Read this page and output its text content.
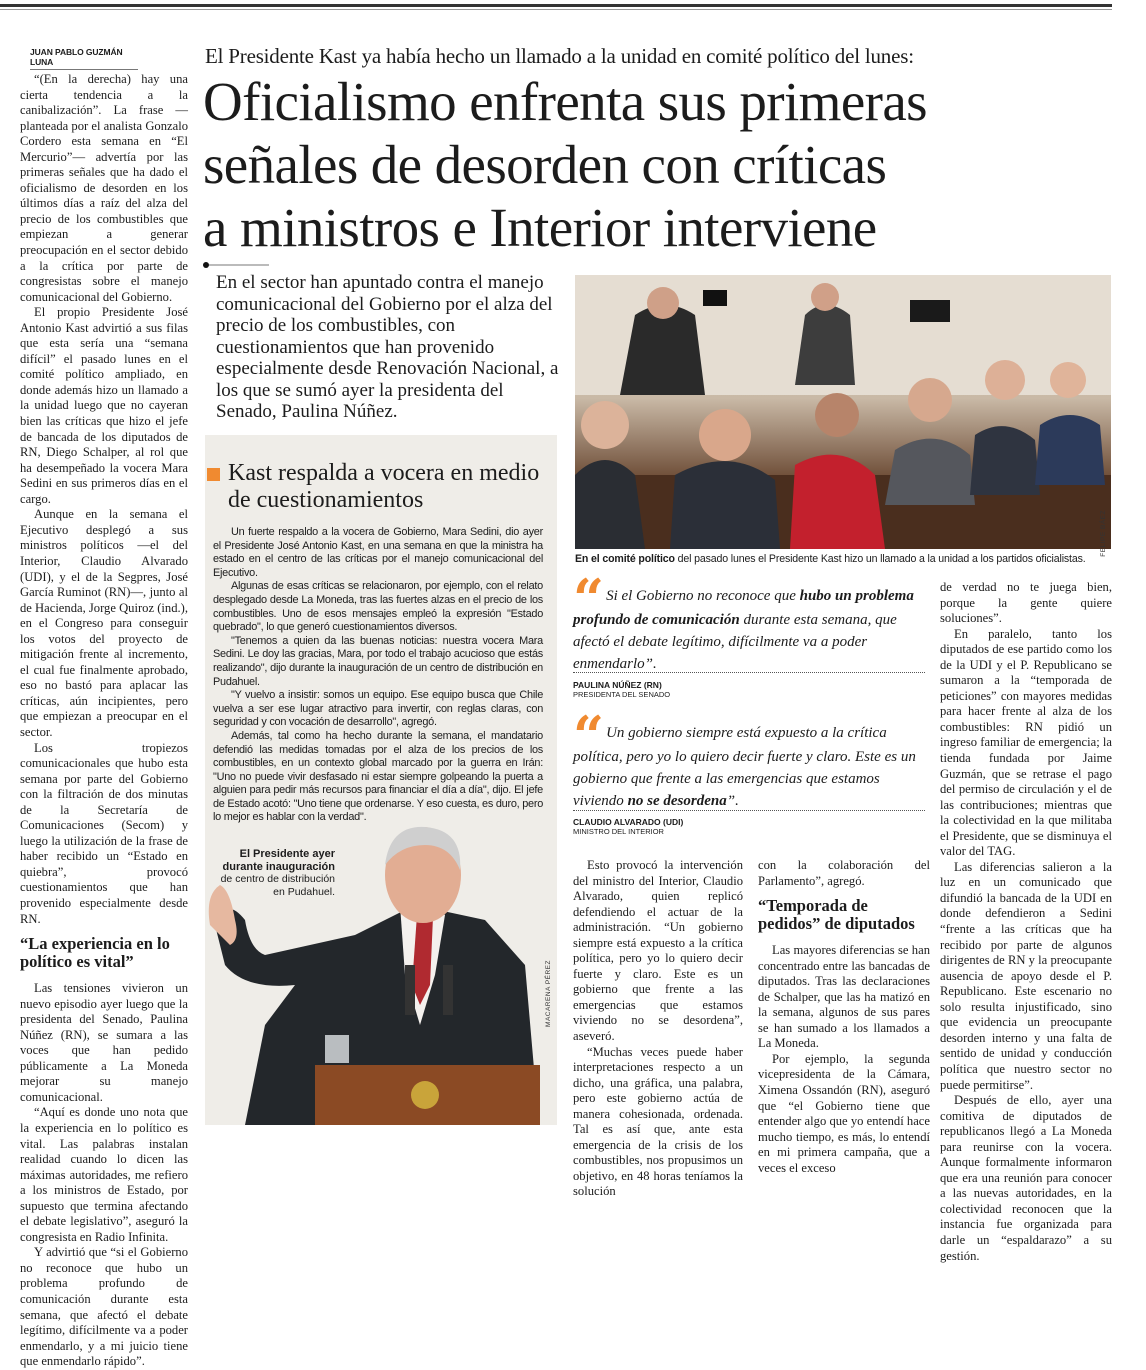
JUAN PABLO GUZMÁN LUNA

“(En la derecha) hay una cierta tendencia a la canibalización”. La frase —planteada por el analista Gonzalo Cordero esta semana en “El Mercurio”— advertía por las primeras señales que ha dado el oficialismo de desorden en los últimos días a raíz del alza del precio de los combustibles que empiezan a generar preocupación en el sector debido a la crítica por parte de congresistas sobre el manejo comunicacional del Gobierno.

El propio Presidente José Antonio Kast advirtió a sus filas que esta sería una “semana difícil” el pasado lunes en el comité político ampliado, en donde además hizo un llamado a la unidad luego que no cayeran bien las críticas que hizo el jefe de bancada de los diputados de RN, Diego Schalper, al rol que ha desempeñado la vocera Mara Sedini en sus primeros días en el cargo.

Aunque en la semana el Ejecutivo desplegó a sus ministros políticos —el del Interior, Claudio Alvarado (UDI), y el de la Segpres, José García Ruminot (RN)—, junto al de Hacienda, Jorge Quiroz (ind.), en el Congreso para conseguir los votos del proyecto de mitigación frente al incremento, el cual fue finalmente aprobado, eso no bastó para aplacar las críticas, aún incipientes, pero que empiezan a preocupar en el sector.

Los tropiezos comunicacionales que hubo esta semana por parte del Gobierno con la filtración de dos minutas de la Secretaría de Comunicaciones (Secom) y luego la utilización de la frase de haber recibido un “Estado en quiebra”, provocó cuestionamientos que han provenido especialmente desde RN.

“La experiencia en lo político es vital”

Las tensiones vivieron un nuevo episodio ayer luego que la presidenta del Senado, Paulina Núñez (RN), se sumara a las voces que han pedido públicamente a La Moneda mejorar su manejo comunicacional.

“Aquí es donde uno nota que la experiencia en lo político es vital. Las palabras instalan realidad cuando lo dicen las máximas autoridades, me refiero a los ministros de Estado, por supuesto que termina afectando el debate legislativo”, aseguró la congresista en Radio Infinita.

Y advirtió que “si el Gobierno no reconoce que hubo un problema profundo de comunicación durante esta semana, que afectó el debate legítimo, difícilmente va a poder enmendarlo, y a mi juicio tiene que enmendarlo rápido”.

El Presidente Kast ya había hecho un llamado a la unidad en comité político del lunes:
Oficialismo enfrenta sus primeras
señales de desorden con críticas
a ministros e Interior interviene
En el sector han apuntado contra el manejo comunicacional del Gobierno por el alza del precio de los combustibles, con cuestionamientos que han provenido especialmente desde Renovación Nacional, a los que se sumó ayer la presidenta del Senado, Paulina Núñez.
Kast respalda a vocera en medio de cuestionamientos

Un fuerte respaldo a la vocera de Gobierno, Mara Sedini, dio ayer el Presidente José Antonio Kast, en una semana en que la ministra ha estado en el centro de las críticas por el manejo comunicacional del Ejecutivo.

Algunas de esas críticas se relacionaron, por ejemplo, con el relato desplegado desde La Moneda, tras las fuertes alzas en el precio de los combustibles. Uno de esos mensajes empleó la expresión "Estado quebrado", lo que generó cuestionamientos diversos.

"Tenemos a quien da las buenas noticias: nuestra vocera Mara Sedini. Le doy las gracias, Mara, por todo el trabajo acucioso que estás realizando", dijo durante la inauguración de un centro de distribución en Pudahuel.

"Y vuelvo a insistir: somos un equipo. Ese equipo busca que Chile vuelva a ser ese lugar atractivo para invertir, con reglas claras, con seguridad y con vocación de desarrollo", agregó.

Además, tal como ha hecho durante la semana, el mandatario defendió las medidas tomadas por el alza de los precios de los combustibles, en un contexto global marcado por la guerra en Irán: "Uno no puede vivir desfasado ni estar siempre golpeando la puerta a alguien para pedir más recursos para financiar el día a día", dijo. El jefe de Estado acotó: "Uno tiene que ordenarse. Y eso cuesta, es duro, pero lo mejor es hablar con la verdad".

El Presidente ayer durante inauguración
de centro de distribución en Pudahuel.
MACARENA PÉREZ
FELIPE BÁEZ
En el comité político del pasado lunes el Presidente Kast hizo un llamado a la unidad a los partidos oficialistas.
“ Si el Gobierno no reconoce que hubo un problema profundo de comunicación durante esta semana, que afectó el debate legítimo, difícilmente va a poder enmendarlo”.
PAULINA NÚÑEZ (RN)
PRESIDENTA DEL SENADO
“ Un gobierno siempre está expuesto a la crítica política, pero yo lo quiero decir fuerte y claro. Este es un gobierno que frente a las emergencias que estamos viviendo no se desordena”.
CLAUDIO ALVARADO (UDI)
MINISTRO DEL INTERIOR

Esto provocó la intervención del ministro del Interior, Claudio Alvarado, quien replicó defendiendo el actuar de la administración. “Un gobierno siempre está expuesto a la crítica política, pero yo lo quiero decir fuerte y claro. Este es un gobierno que frente a las emergencias que estamos viviendo no se desordena”, aseveró.

“Muchas veces puede haber interpretaciones respecto a un dicho, una gráfica, una palabra, pero este gobierno actúa de manera cohesionada, ordenada. Tal es así que, ante esta emergencia de la crisis de los combustibles, nos propusimos un objetivo, en 48 horas teníamos la solución

con la colaboración del Parlamento”, agregó.

“Temporada de pedidos” de diputados

Las mayores diferencias se han concentrado entre las bancadas de diputados. Tras las declaraciones de Schalper, que las ha matizó en la semana, algunos de sus pares se han sumado a los llamados a La Moneda.

Por ejemplo, la segunda vicepresidenta de la Cámara, Ximena Ossandón (RN), aseguró que “el Gobierno tiene que entender algo que yo entendí hace mucho tiempo, es más, lo entendí en mi primera campaña, que a veces el exceso

de verdad no te juega bien, porque la gente quiere soluciones”.

En paralelo, tanto los diputados de ese partido como los de la UDI y el P. Republicano se sumaron a la “temporada de peticiones” con mayores medidas para hacer frente al alza de los combustibles: RN pidió un ingreso familiar de emergencia; la tienda fundada por Jaime Guzmán, que se retrase el pago del permiso de circulación y el de las contribuciones; mientras que la colectividad en la que militaba el Presidente, que se disminuya el valor del TAG.

Las diferencias salieron a la luz en un comunicado que difundió la bancada de la UDI en donde defendieron a Sedini “frente a las críticas que ha recibido por parte de algunos dirigentes de RN y la preocupante ausencia de apoyo desde el P. Republicano. Este escenario no solo resulta injustificado, sino que evidencia un preocupante desorden interno y una falta de sentido de unidad y conducción política que nuestro sector no puede permitirse”.

Después de ello, ayer una comitiva de diputados de republicanos llegó a La Moneda para reunirse con la vocera. Aunque formalmente informaron que era una reunión para conocer a las nuevas autoridades, en la colectividad reconocen que la instancia fue organizada para darle un “espaldarazo” a su gestión.
